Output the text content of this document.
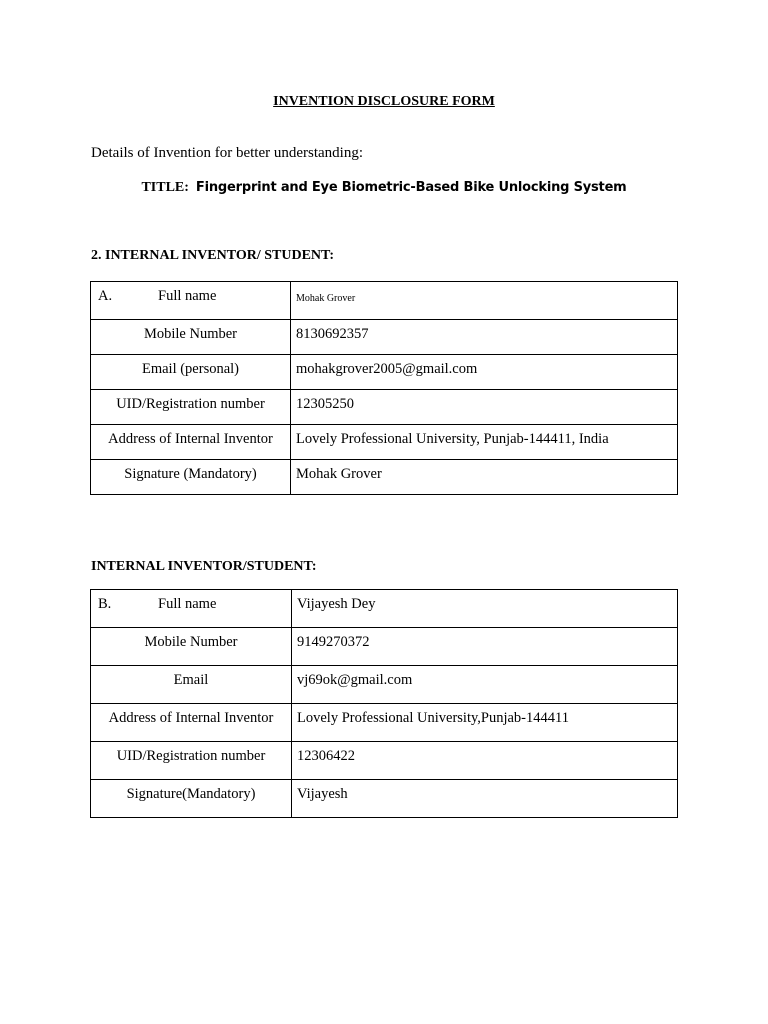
INVENTION DISCLOSURE FORM
Details of Invention for better understanding:
TITLE: Fingerprint and Eye Biometric-Based Bike Unlocking System
2. INTERNAL INVENTOR/ STUDENT:
A. Full name	Mohak Grover

Mobile Number	8130692357

Email (personal)	mohakgrover2005@gmail.com

UID/Registration number	12305250

Address of Internal Inventor	Lovely Professional University, Punjab-144411, India

Signature (Mandatory)	Mohak Grover
INTERNAL INVENTOR/STUDENT:
B. Full name	Vijayesh Dey

Mobile Number	9149270372

Email	vj69ok@gmail.com

Address of Internal Inventor	Lovely Professional University,Punjab-144411

UID/Registration number	12306422

Signature(Mandatory)	Vijayesh
